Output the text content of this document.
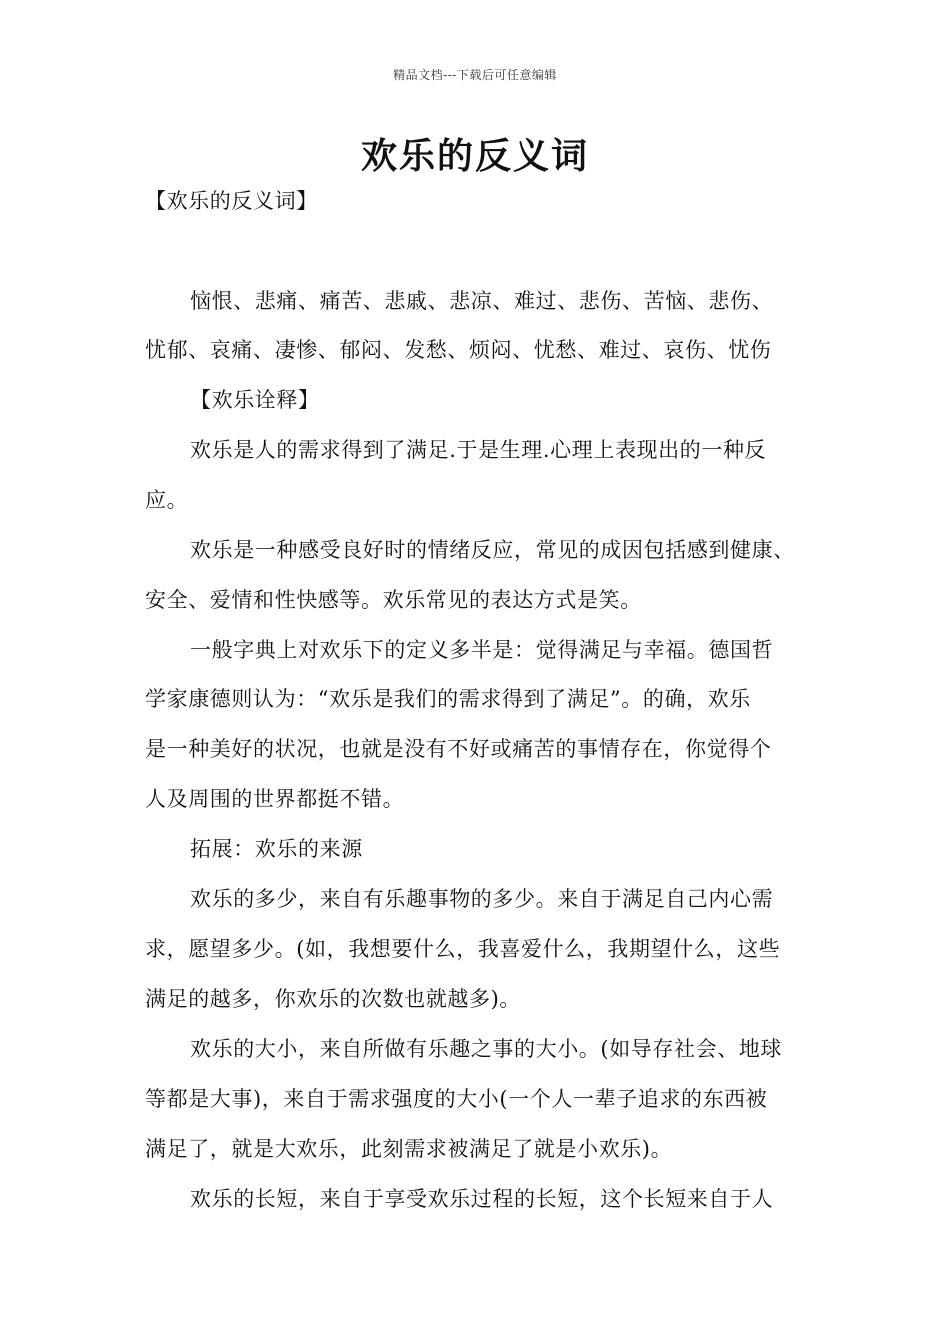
精品文档---下载后可任意编辑
欢乐的反义词
【欢乐的反义词】
恼恨、悲痛、痛苦、悲戚、悲凉、难过、悲伤、苦恼、悲伤、
忧郁、哀痛、凄惨、郁闷、发愁、烦闷、忧愁、难过、哀伤、忧伤
【欢乐诠释】
欢乐是人的需求得到了满足.于是生理.心理上表现出的一种反
应。
欢乐是一种感受良好时的情绪反应，常见的成因包括感到健康、
安全、爱情和性快感等。欢乐常见的表达方式是笑。
一般字典上对欢乐下的定义多半是：觉得满足与幸福。德国哲
学家康德则认为：“欢乐是我们的需求得到了满足”。的确，欢乐
是一种美好的状况，也就是没有不好或痛苦的事情存在，你觉得个
人及周围的世界都挺不错。
拓展：欢乐的来源
欢乐的多少，来自有乐趣事物的多少。来自于满足自己内心需
求，愿望多少。(如，我想要什么，我喜爱什么，我期望什么，这些
满足的越多，你欢乐的次数也就越多)。
欢乐的大小，来自所做有乐趣之事的大小。(如导存社会、地球
等都是大事)，来自于需求强度的大小(一个人一辈子追求的东西被
满足了，就是大欢乐，此刻需求被满足了就是小欢乐)。
欢乐的长短，来自于享受欢乐过程的长短，这个长短来自于人
